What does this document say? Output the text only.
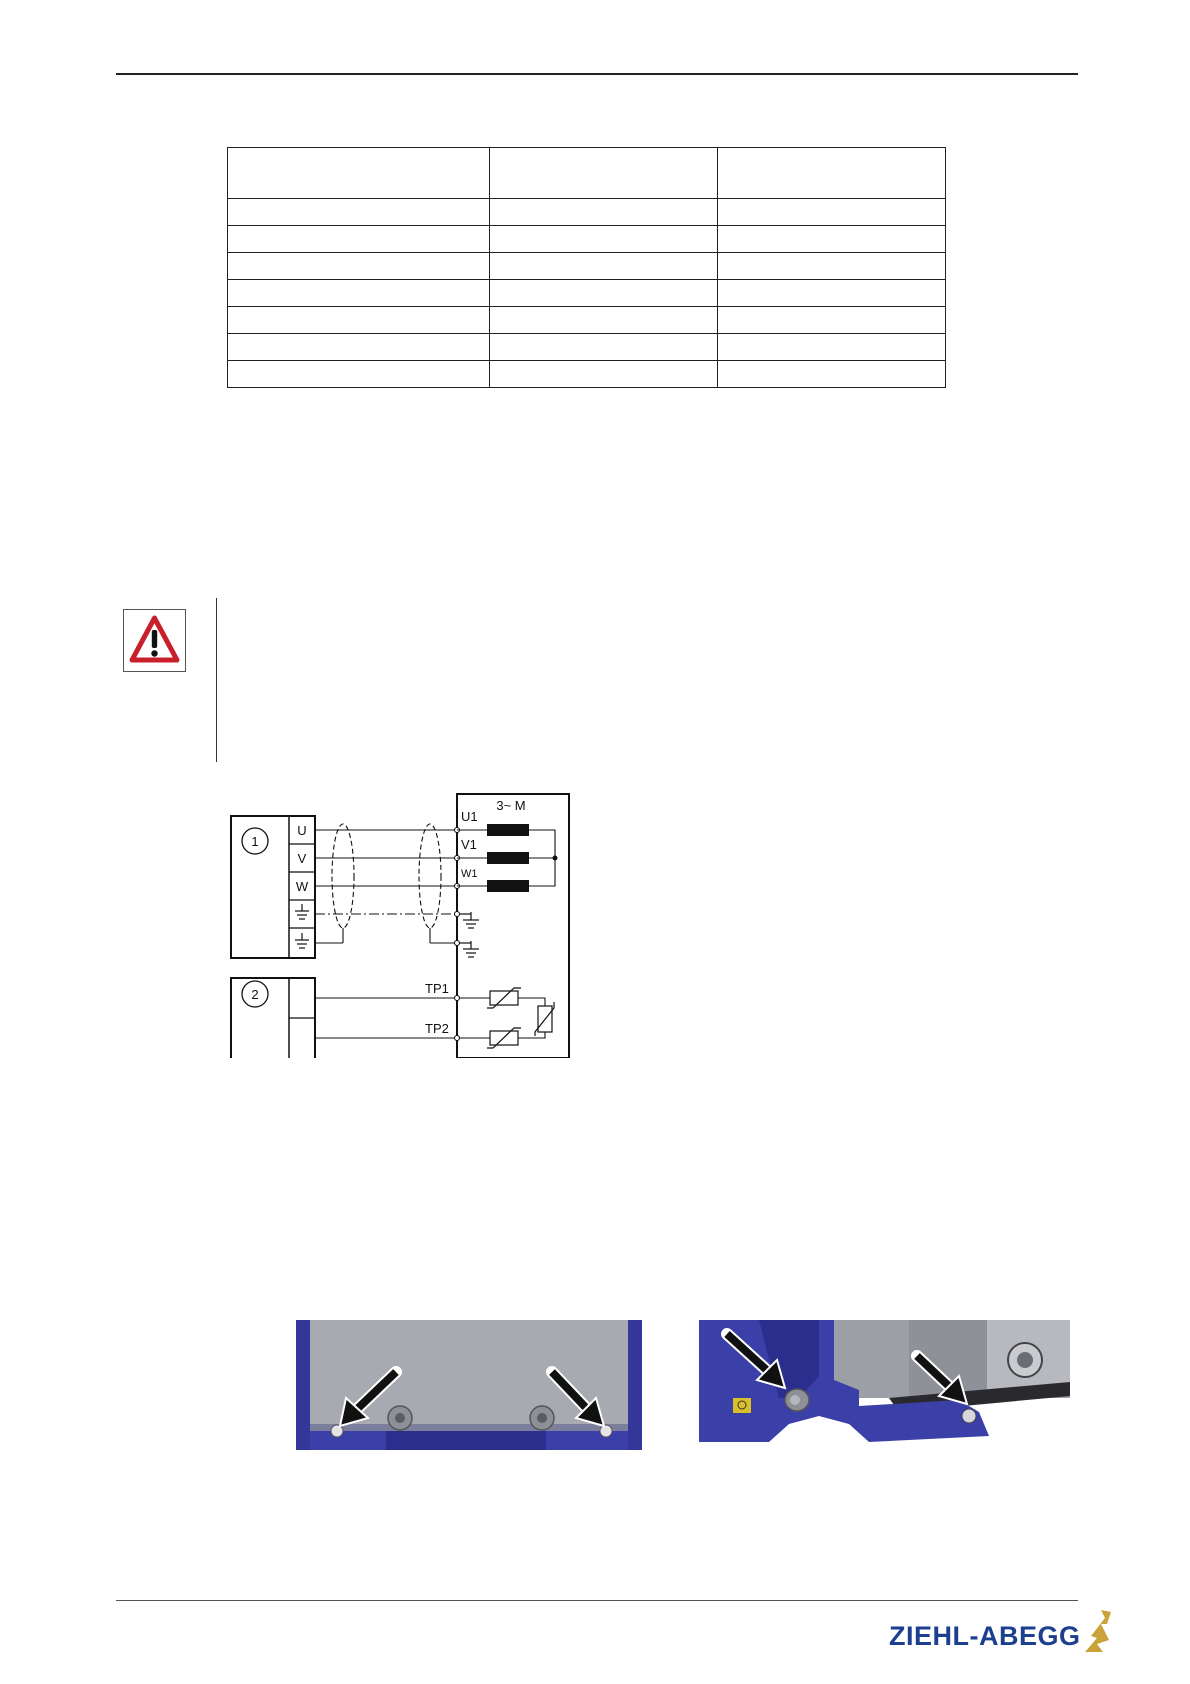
1
U
V
W
2
3~ M
U1
V1
W1
TP1
TP2
ZIEHL-ABEGG
